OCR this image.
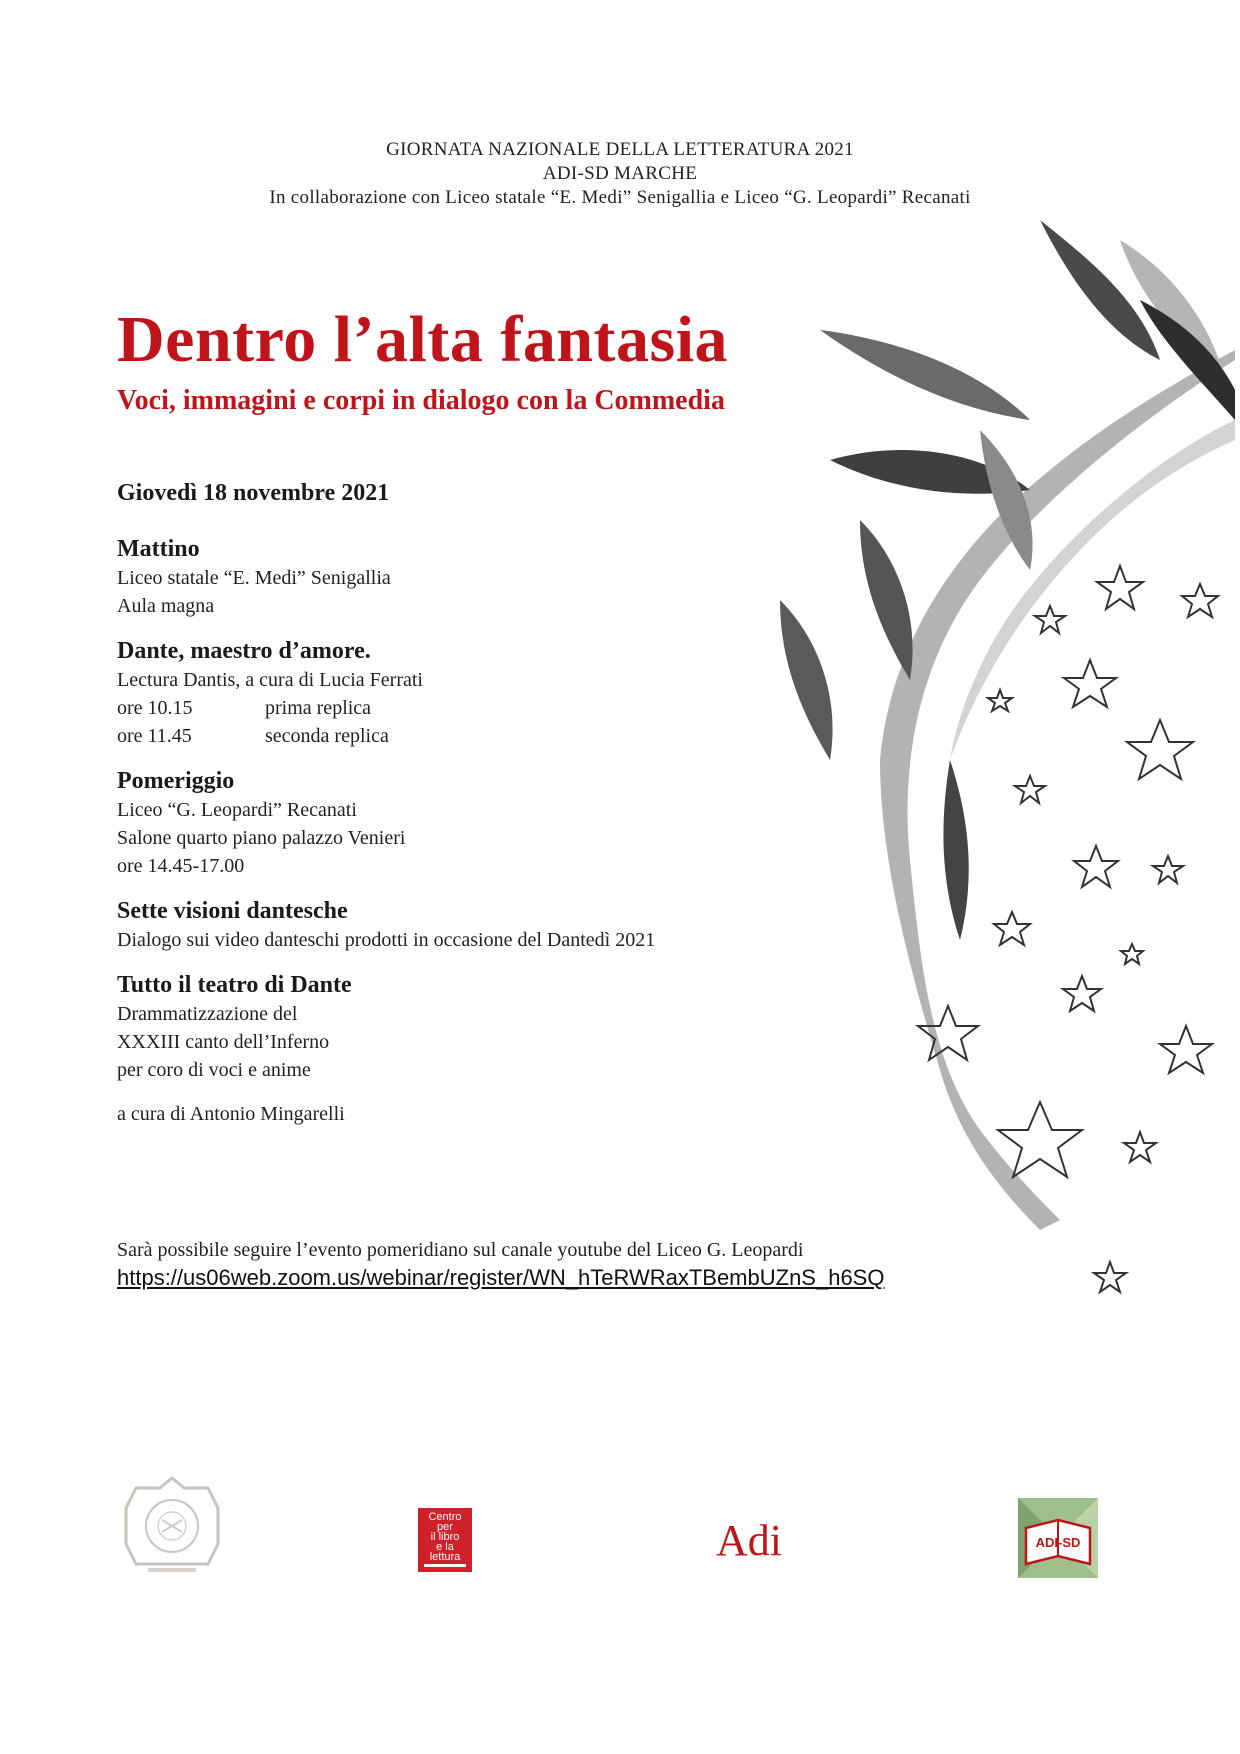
GIORNATA NAZIONALE DELLA LETTERATURA 2021
ADI-SD MARCHE
In collaborazione con Liceo statale “E. Medi” Senigallia e Liceo “G. Leopardi” Recanati
Dentro l’alta fantasia
Voci, immagini e corpi in dialogo con la Commedia
Giovedì 18 novembre 2021
Mattino
Liceo statale “E. Medi” Senigallia
Aula magna
Dante, maestro d’amore.
Lectura Dantis, a cura di Lucia Ferrati
ore 10.15	prima replica
ore 11.45	seconda replica
Pomeriggio
Liceo “G. Leopardi” Recanati
Salone quarto piano palazzo Venieri
ore 14.45-17.00
Sette visioni dantesche
Dialogo sui video danteschi prodotti in occasione del Dantedì 2021
Tutto il teatro di Dante
Drammatizzazione del
XXXIII canto dell’Inferno
per coro di voci e anime
a cura di Antonio Mingarelli
Sarà possibile seguire l’evento pomeridiano sul canale youtube del Liceo G. Leopardi
https://us06web.zoom.us/webinar/register/WN_hTeRWRaxTBembUZnS_h6SQ
Centro
per
il libro
e la
lettura	Adi	ADI-SD
